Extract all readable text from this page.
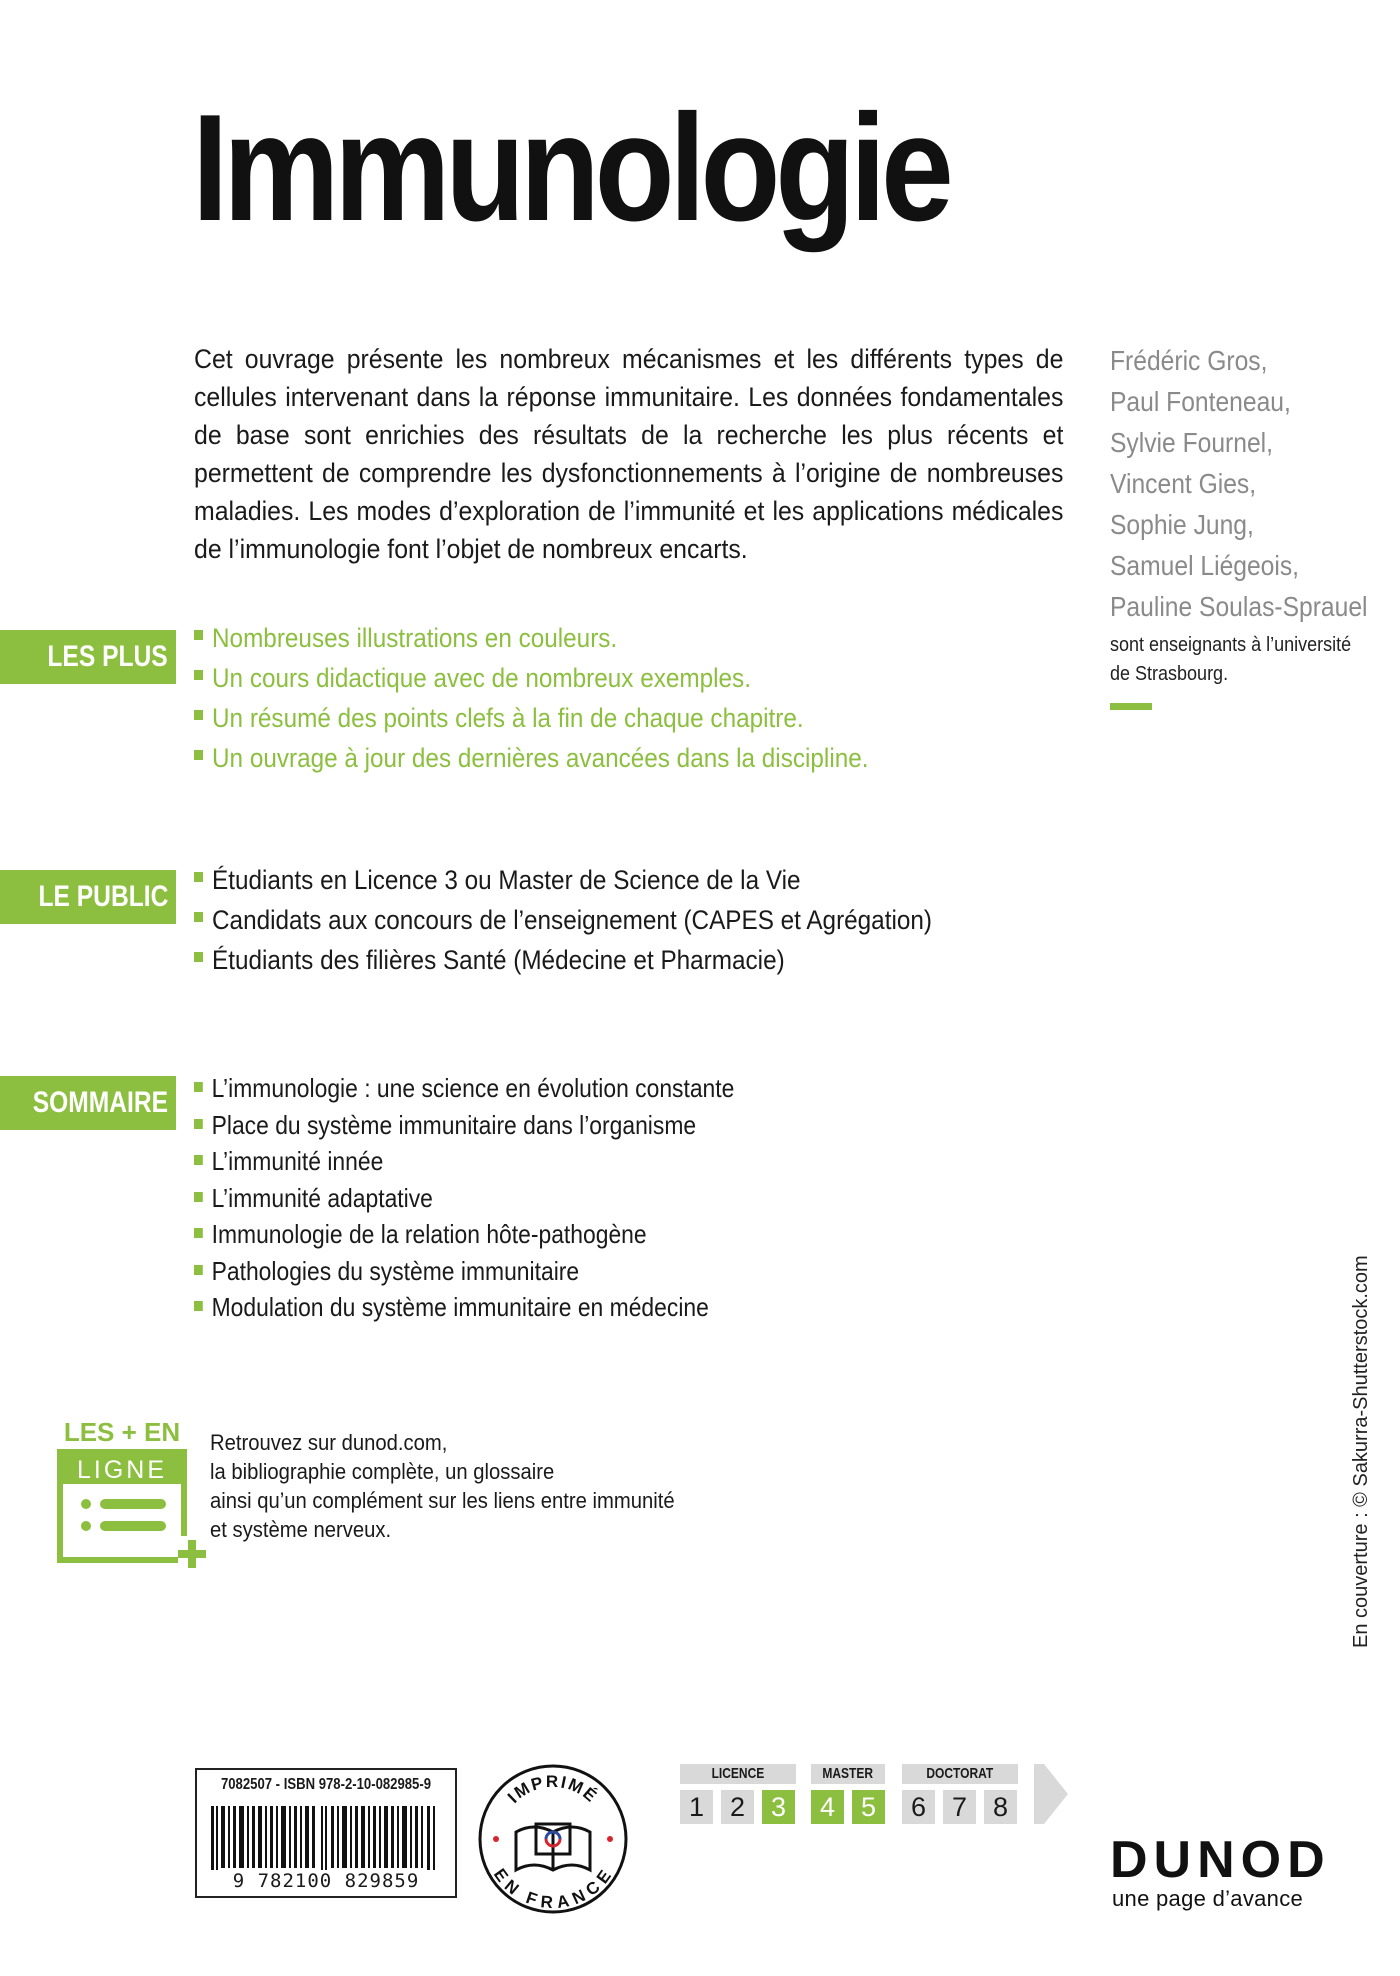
Immunologie
Cet ouvrage présente les nombreux mécanismes et les différents types de cellules intervenant dans la réponse immunitaire. Les données fondamentales de base sont enrichies des résultats de la recherche les plus récents et permettent de comprendre les dysfonctionnements à l’origine de nombreuses maladies. Les modes d’exploration de l’immunité et les applications médicales de l’immunologie font l’objet de nombreux encarts.
Frédéric Gros,
Paul Fonteneau,
Sylvie Fournel,
Vincent Gies,
Sophie Jung,
Samuel Liégeois,
Pauline Soulas-Sprauel
sont enseignants à l’université de Strasbourg.
LES PLUS
Nombreuses illustrations en couleurs.
Un cours didactique avec de nombreux exemples.
Un résumé des points clefs à la fin de chaque chapitre.
Un ouvrage à jour des dernières avancées dans la discipline.
LE PUBLIC	Étudiants en Licence 3 ou Master de Science de la Vie
Candidats aux concours de l’enseignement (CAPES et Agrégation)
Étudiants des filières Santé (Médecine et Pharmacie)
SOMMAIRE	L’immunologie : une science en évolution constante
Place du système immunitaire dans l’organisme
L’immunité innée
L’immunité adaptative
Immunologie de la relation hôte-pathogène
Pathologies du système immunitaire
Modulation du système immunitaire en médecine
LES + EN
LIGNE
Retrouvez sur dunod.com,
la bibliographie complète, un glossaire
ainsi qu’un complément sur les liens entre immunité
et système nerveux.	En couverture : © Sakurra-Shutterstock.com
7082507 - ISBN 978-2-10-082985-9
9 782100 829859
IMPRIMÉ
EN FRANCE
LICENCE
1 2 3
MASTER
4 5
DOCTORAT
6 7 8
DUNOD
une page d’avance
